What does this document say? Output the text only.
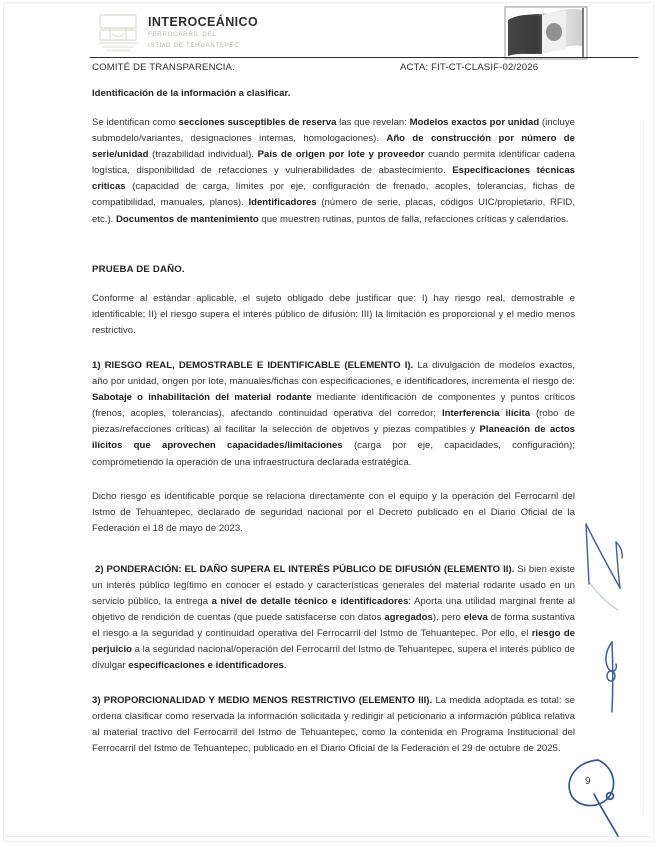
INTEROCEÁNICO
FERROCARRIL DEL
ISTMO DE TEHUANTEPEC
COMITÉ DE TRANSPARENCIA.	ACTA: FIT-CT-CLASIF-02/2026
Identificación de la información a clasificar.

Se identifican como secciones susceptibles de reserva las que revelan: Modelos exactos por unidad (incluye submodelo/variantes, designaciones internas, homologaciones). Año de construcción por número de serie/unidad (trazabilidad individual). País de origen por lote y proveedor cuando permita identificar cadena logística, disponibilidad de refacciones y vulnerabilidades de abastecimiento. Especificaciones técnicas críticas (capacidad de carga, límites por eje, configuración de frenado, acoples, tolerancias, fichas de compatibilidad, manuales, planos). Identificadores (número de serie, placas, códigos UIC/propietario, RFID, etc.). Documentos de mantenimiento que muestren rutinas, puntos de falla, refacciones críticas y calendarios.

PRUEBA DE DAÑO.

Conforme al estándar aplicable, el sujeto obligado debe justificar que: I) hay riesgo real, demostrable e identificable; II) el riesgo supera el interés público de difusión; III) la limitación es proporcional y el medio menos restrictivo.

1) RIESGO REAL, DEMOSTRABLE E IDENTIFICABLE (ELEMENTO I). La divulgación de modelos exactos, año por unidad, origen por lote, manuales/fichas con especificaciones, e identificadores, incrementa el riesgo de: Sabotaje o inhabilitación del material rodante mediante identificación de componentes y puntos críticos (frenos, acoples, tolerancias), afectando continuidad operativa del corredor; Interferencia ilícita (robo de piezas/refacciones críticas) al facilitar la selección de objetivos y piezas compatibles y Planeación de actos ilícitos que aprovechen capacidades/limitaciones (carga por eje, capacidades, configuración); comprometiendo la operación de una infraestructura declarada estratégica.

Dicho riesgo es identificable porque se relaciona directamente con el equipo y la operación del Ferrocarril del Istmo de Tehuantepec, declarado de seguridad nacional por el Decreto publicado en el Diario Oficial de la Federación el 18 de mayo de 2023.

2) PONDERACIÓN: EL DAÑO SUPERA EL INTERÉS PÚBLICO DE DIFUSIÓN (ELEMENTO II). Si bien existe un interés público legítimo en conocer el estado y características generales del material rodante usado en un servicio público, la entrega a nivel de detalle técnico e identificadores: Aporta una utilidad marginal frente al objetivo de rendición de cuentas (que puede satisfacerse con datos agregados), pero eleva de forma sustantiva el riesgo a la seguridad y continuidad operativa del Ferrocarril del Istmo de Tehuantepec. Por ello, el riesgo de perjuicio a la seguridad nacional/operación del Ferrocarril del Istmo de Tehuantepec, supera el interés público de divulgar especificaciones e identificadores.

3) PROPORCIONALIDAD Y MEDIO MENOS RESTRICTIVO (ELEMENTO III). La medida adoptada es total: se ordena clasificar como reservada la información solicitada y redirigir al peticionario a información pública relativa al material tractivo del Ferrocarril del Istmo de Tehuantepec, como la contenida en Programa Institucional del Ferrocarril del Istmo de Tehuantepec, publicado en el Diario Oficial de la Federación el 29 de octubre de 2025.

9
